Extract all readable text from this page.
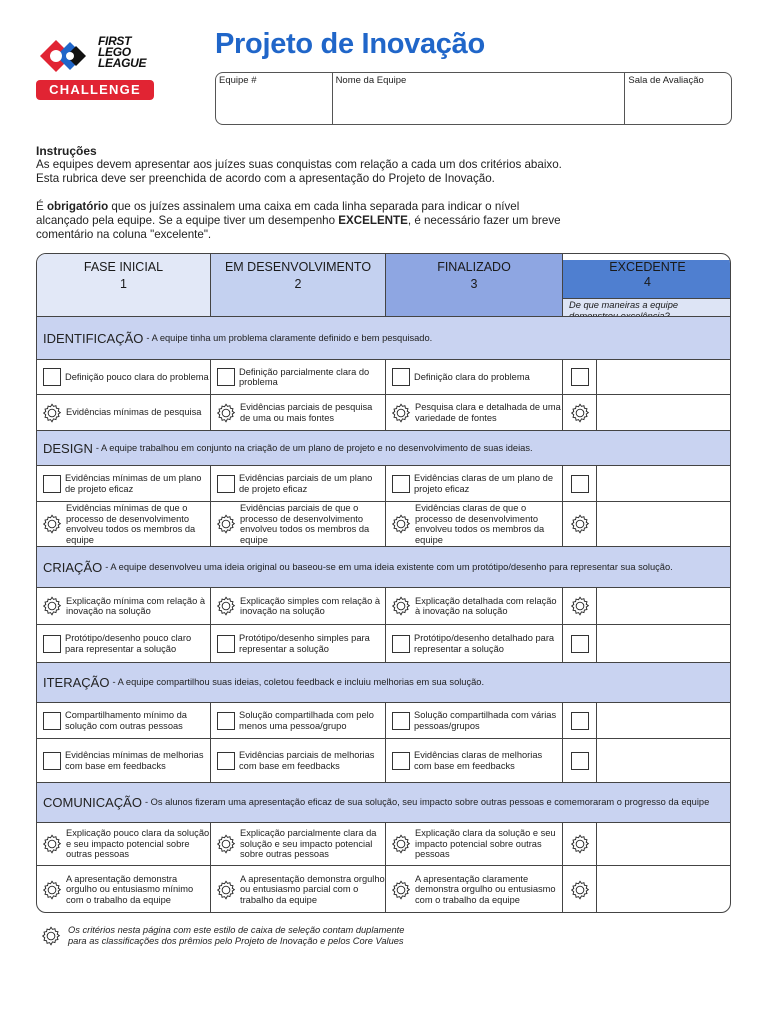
FIRST
LEGO
LEAGUE
CHALLENGE
Projeto de Inovação
Equipe #	Nome da Equipe	Sala de Avaliação
Instruções

As equipes devem apresentar aos juízes suas conquistas com relação a cada um dos critérios abaixo.

Esta rubrica deve ser preenchida de acordo com a apresentação do Projeto de Inovação.

É obrigatório que os juízes assinalem uma caixa em cada linha separada para indicar o nível alcançado pela equipe. Se a equipe tiver um desempenho EXCELENTE, é necessário fazer um breve comentário na coluna "excelente".

FASE INICIAL
1
EM DESENVOLVIMENTO
2
FINALIZADO
3
EXCEDENTE
4
De que maneiras a equipe
IDENTIFICAÇÃO - A equipe tinha um problema claramente definido e bem pesquisado.
Definição pouco clara do problema
Definição parcialmente clara do problema
Definição clara do problema
Evidências mínimas de pesquisa
Evidências parciais de pesquisa de uma ou mais fontes
Pesquisa clara e detalhada de uma variedade de fontes
DESIGN - A equipe trabalhou em conjunto na criação de um plano de projeto e no desenvolvimento de suas ideias.
Evidências mínimas de um plano de projeto eficaz
Evidências parciais de um plano de projeto eficaz
Evidências claras de um plano de projeto eficaz
Evidências mínimas de que o processo de desenvolvimento envolveu todos os membros da equipe
Evidências parciais de que o processo de desenvolvimento envolveu todos os membros da equipe
Evidências claras de que o processo de desenvolvimento envolveu todos os membros da equipe
CRIAÇÃO - A equipe desenvolveu uma ideia original ou baseou-se em uma ideia existente com um protótipo/desenho para representar sua solução.
Explicação mínima com relação à inovação na solução
Explicação simples com relação à inovação na solução
Explicação detalhada com relação à inovação na solução
Protótipo/desenho pouco claro para representar a solução
Protótipo/desenho simples para representar a solução
Protótipo/desenho detalhado para representar a solução
ITERAÇÃO - A equipe compartilhou suas ideias, coletou feedback e incluiu melhorias em sua solução.
Compartilhamento mínimo da solução com outras pessoas
Solução compartilhada com pelo menos uma pessoa/grupo
Solução compartilhada com várias pessoas/grupos
Evidências mínimas de melhorias com base em feedbacks
Evidências parciais de melhorias com base em feedbacks
Evidências claras de melhorias com base em feedbacks
COMUNICAÇÃO - Os alunos fizeram uma apresentação eficaz de sua solução, seu impacto sobre outras pessoas e comemoraram o progresso da equipe
Explicação pouco clara da solução e seu impacto potencial sobre outras pessoas
Explicação parcialmente clara da solução e seu impacto potencial sobre outras pessoas
Explicação clara da solução e seu impacto potencial sobre outras pessoas
A apresentação demonstra orgulho ou entusiasmo mínimo com o trabalho da equipe
A apresentação demonstra orgulho ou entusiasmo parcial com o trabalho da equipe
A apresentação claramente demonstra orgulho ou entusiasmo com o trabalho da equipe
Os critérios nesta página com este estilo de caixa de seleção contam duplamente
para as classificações dos prêmios pelo Projeto de Inovação e pelos Core Values
